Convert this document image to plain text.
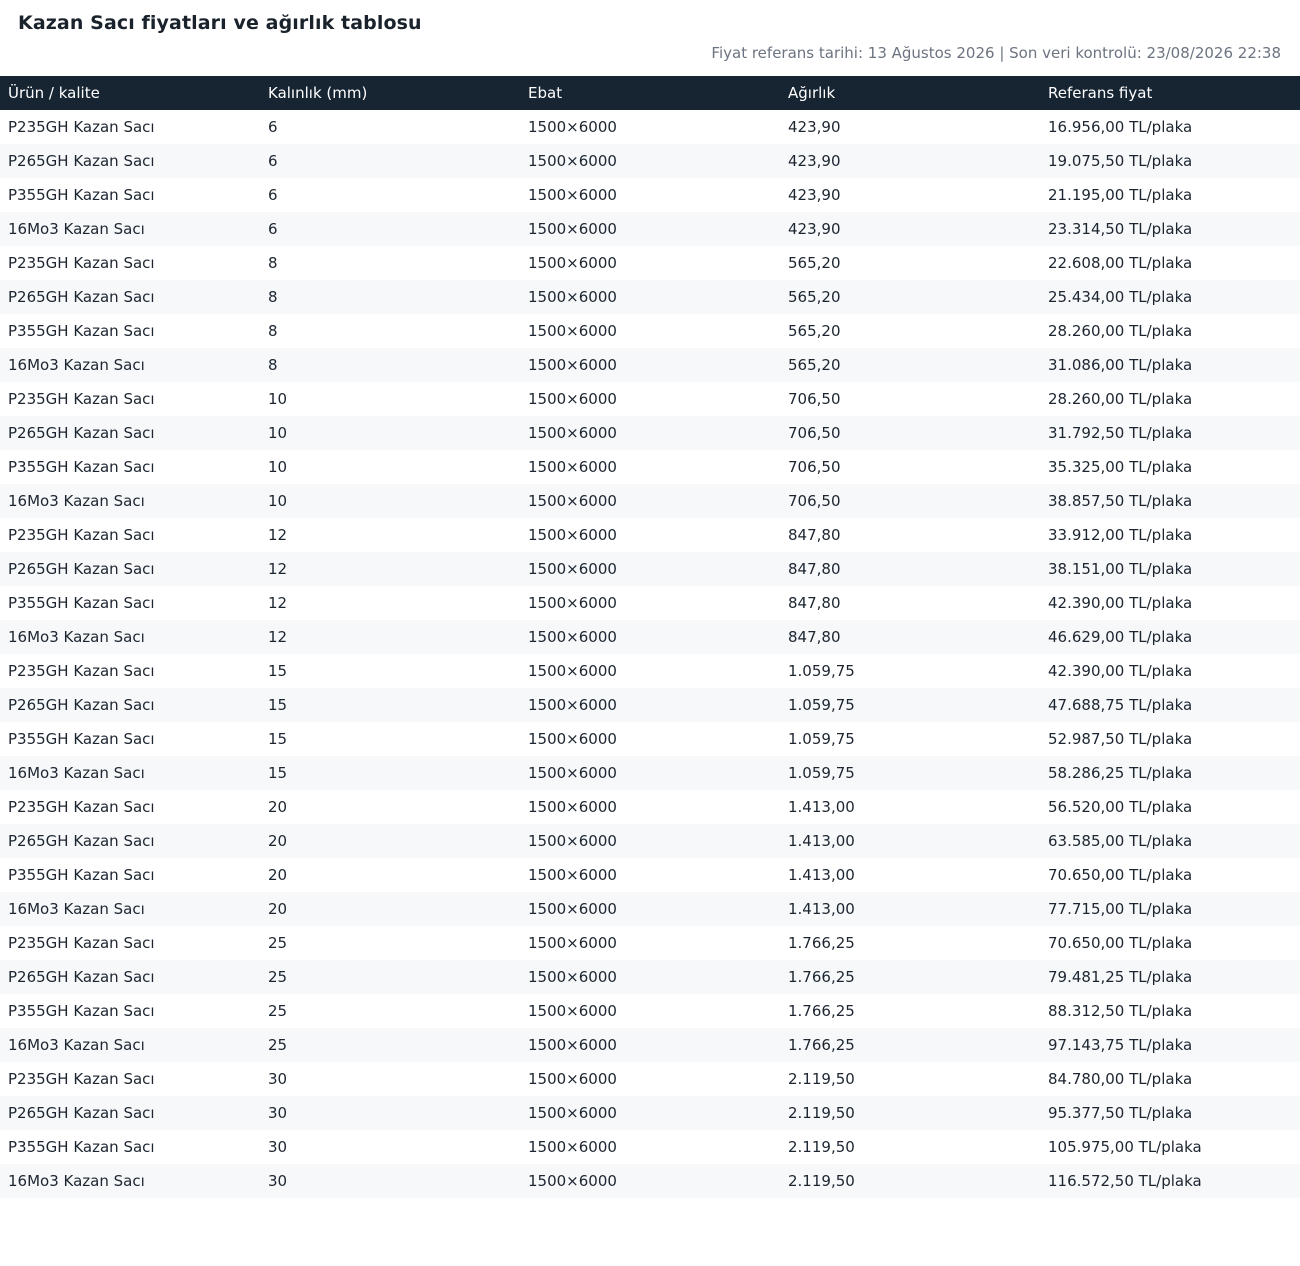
Kazan Sacı fiyatları ve ağırlık tablosu
Fiyat referans tarihi: 13 Ağustos 2026 | Son veri kontrolü: 23/08/2026 22:38
Ürün / kalite	Kalınlık (mm)	Ebat	Ağırlık	Referans fiyat
P235GH Kazan Sacı	6	1500×6000	423,90	16.956,00 TL/plaka
P265GH Kazan Sacı	6	1500×6000	423,90	19.075,50 TL/plaka
P355GH Kazan Sacı	6	1500×6000	423,90	21.195,00 TL/plaka
16Mo3 Kazan Sacı	6	1500×6000	423,90	23.314,50 TL/plaka
P235GH Kazan Sacı	8	1500×6000	565,20	22.608,00 TL/plaka
P265GH Kazan Sacı	8	1500×6000	565,20	25.434,00 TL/plaka
P355GH Kazan Sacı	8	1500×6000	565,20	28.260,00 TL/plaka
16Mo3 Kazan Sacı	8	1500×6000	565,20	31.086,00 TL/plaka
P235GH Kazan Sacı	10	1500×6000	706,50	28.260,00 TL/plaka
P265GH Kazan Sacı	10	1500×6000	706,50	31.792,50 TL/plaka
P355GH Kazan Sacı	10	1500×6000	706,50	35.325,00 TL/plaka
16Mo3 Kazan Sacı	10	1500×6000	706,50	38.857,50 TL/plaka
P235GH Kazan Sacı	12	1500×6000	847,80	33.912,00 TL/plaka
P265GH Kazan Sacı	12	1500×6000	847,80	38.151,00 TL/plaka
P355GH Kazan Sacı	12	1500×6000	847,80	42.390,00 TL/plaka
16Mo3 Kazan Sacı	12	1500×6000	847,80	46.629,00 TL/plaka
P235GH Kazan Sacı	15	1500×6000	1.059,75	42.390,00 TL/plaka
P265GH Kazan Sacı	15	1500×6000	1.059,75	47.688,75 TL/plaka
P355GH Kazan Sacı	15	1500×6000	1.059,75	52.987,50 TL/plaka
16Mo3 Kazan Sacı	15	1500×6000	1.059,75	58.286,25 TL/plaka
P235GH Kazan Sacı	20	1500×6000	1.413,00	56.520,00 TL/plaka
P265GH Kazan Sacı	20	1500×6000	1.413,00	63.585,00 TL/plaka
P355GH Kazan Sacı	20	1500×6000	1.413,00	70.650,00 TL/plaka
16Mo3 Kazan Sacı	20	1500×6000	1.413,00	77.715,00 TL/plaka
P235GH Kazan Sacı	25	1500×6000	1.766,25	70.650,00 TL/plaka
P265GH Kazan Sacı	25	1500×6000	1.766,25	79.481,25 TL/plaka
P355GH Kazan Sacı	25	1500×6000	1.766,25	88.312,50 TL/plaka
16Mo3 Kazan Sacı	25	1500×6000	1.766,25	97.143,75 TL/plaka
P235GH Kazan Sacı	30	1500×6000	2.119,50	84.780,00 TL/plaka
P265GH Kazan Sacı	30	1500×6000	2.119,50	95.377,50 TL/plaka
P355GH Kazan Sacı	30	1500×6000	2.119,50	105.975,00 TL/plaka
16Mo3 Kazan Sacı	30	1500×6000	2.119,50	116.572,50 TL/plaka
